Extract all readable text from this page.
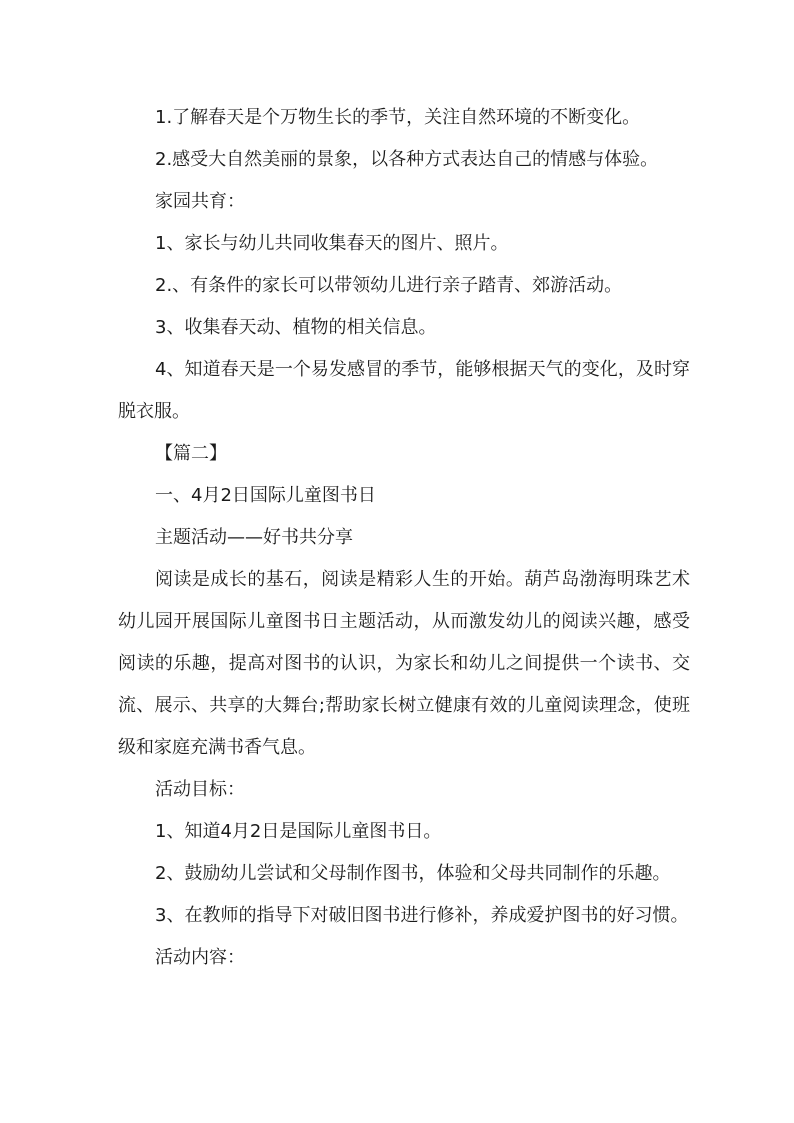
1.了解春天是个万物生长的季节，关注自然环境的不断变化。

2.感受大自然美丽的景象，以各种方式表达自己的情感与体验。

家园共育：

1、家长与幼儿共同收集春天的图片、照片。

2.、有条件的家长可以带领幼儿进行亲子踏青、郊游活动。

3、收集春天动、植物的相关信息。

4、知道春天是一个易发感冒的季节，能够根据天气的变化，及时穿脱衣服。

【篇二】

一、4月2日国际儿童图书日

主题活动——好书共分享

阅读是成长的基石，阅读是精彩人生的开始。葫芦岛渤海明珠艺术幼儿园开展国际儿童图书日主题活动，从而激发幼儿的阅读兴趣，感受阅读的乐趣，提高对图书的认识，为家长和幼儿之间提供一个读书、交流、展示、共享的大舞台;帮助家长树立健康有效的儿童阅读理念，使班级和家庭充满书香气息。

活动目标：

1、知道4月2日是国际儿童图书日。

2、鼓励幼儿尝试和父母制作图书，体验和父母共同制作的乐趣。

3、在教师的指导下对破旧图书进行修补，养成爱护图书的好习惯。

活动内容：
